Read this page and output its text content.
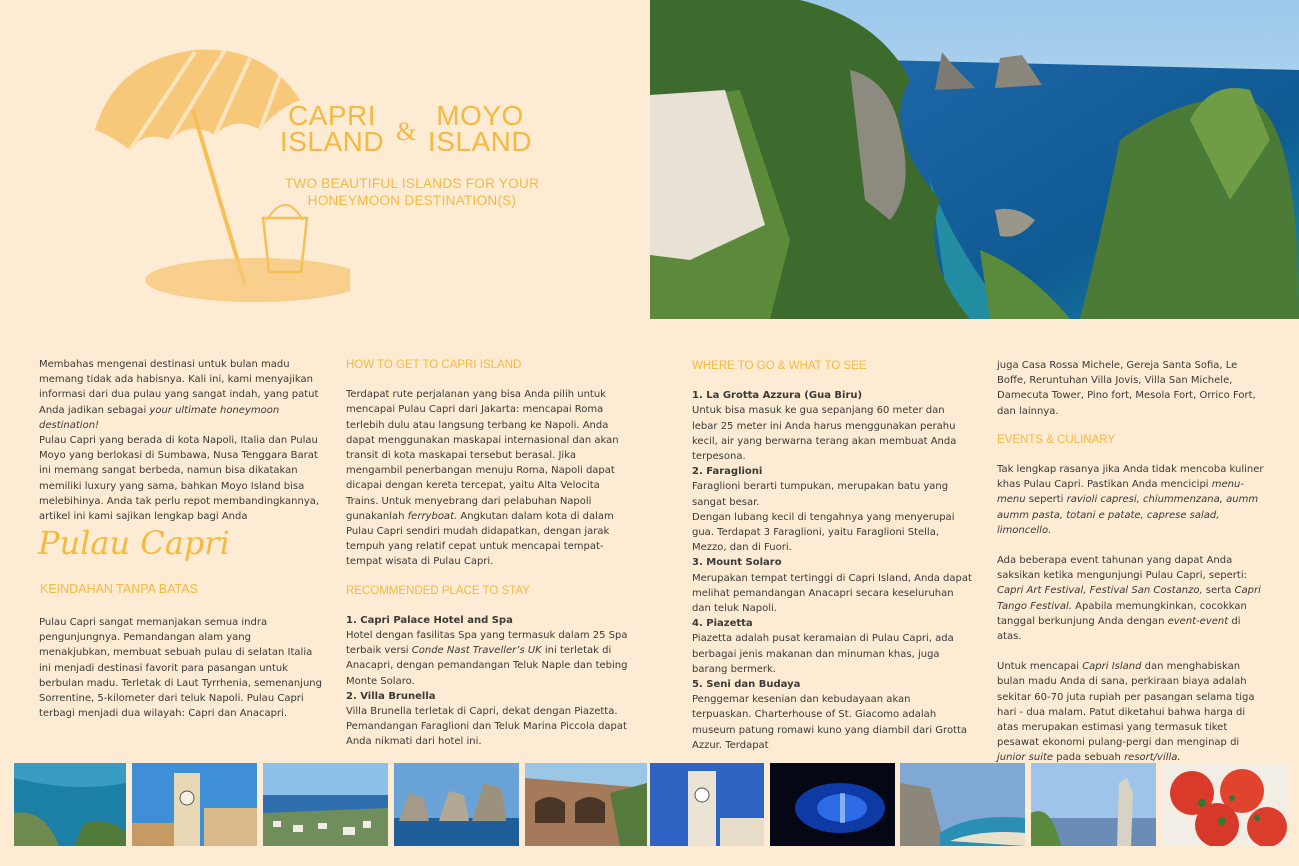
CAPRI
ISLAND &
MOYO
ISLAND
TWO BEAUTIFUL ISLANDS FOR YOUR
HONEYMOON DESTINATION(S)

Membahas mengenai destinasi untuk bulan madu memang tidak ada habisnya. Kali ini, kami menyajikan informasi dari dua pulau yang sangat indah, yang patut Anda jadikan sebagai your ultimate honeymoon destination!

Pulau Capri yang berada di kota Napoli, Italia dan Pulau Moyo yang berlokasi di Sumbawa, Nusa Tenggara Barat ini memang sangat berbeda, namun bisa dikatakan memiliki luxury yang sama, bahkan Moyo Island bisa melebihinya. Anda tak perlu repot membandingkannya, artikel ini kami sajikan lengkap bagi Anda

Pulau Capri
KEINDAHAN TANPA BATAS

Pulau Capri sangat memanjakan semua indra pengunjungnya. Pemandangan alam yang menakjubkan, membuat sebuah pulau di selatan Italia ini menjadi destinasi favorit para pasangan untuk berbulan madu. Terletak di Laut Tyrrhenia, semenanjung Sorrentine, 5-kilometer dari teluk Napoli. Pulau Capri terbagi menjadi dua wilayah: Capri dan Anacapri.

HOW TO GET TO CAPRI ISLAND

Terdapat rute perjalanan yang bisa Anda pilih untuk mencapai Pulau Capri dari Jakarta: mencapai Roma terlebih dulu atau langsung terbang ke Napoli. Anda dapat menggunakan maskapai internasional dan akan transit di kota maskapai tersebut berasal. Jika mengambil penerbangan menuju Roma, Napoli dapat dicapai dengan kereta tercepat, yaitu Alta Velocita Trains. Untuk menyebrang dari pelabuhan Napoli gunakanlah ferryboat. Angkutan dalam kota di dalam Pulau Capri sendiri mudah didapatkan, dengan jarak tempuh yang relatif cepat untuk mencapai tempat-tempat wisata di Pulau Capri.

RECOMMENDED PLACE TO STAY

1. Capri Palace Hotel and Spa

Hotel dengan fasilitas Spa yang termasuk dalam 25 Spa terbaik versi Conde Nast Traveller’s UK ini terletak di Anacapri, dengan pemandangan Teluk Naple dan tebing Monte Solaro.

2. Villa Brunella

Villa Brunella terletak di Capri, dekat dengan Piazetta. Pemandangan Faraglioni dan Teluk Marina Piccola dapat Anda nikmati dari hotel ini.

WHERE TO GO & WHAT TO SEE

1. La Grotta Azzura (Gua Biru)

Untuk bisa masuk ke gua sepanjang 60 meter dan lebar 25 meter ini Anda harus menggunakan perahu kecil, air yang berwarna terang akan membuat Anda terpesona.

2. Faraglioni

Faraglioni berarti tumpukan, merupakan batu yang sangat besar.

Dengan lubang kecil di tengahnya yang menyerupai gua. Terdapat 3 Faraglioni, yaitu Faraglioni Stella, Mezzo, dan di Fuori.

3. Mount Solaro

Merupakan tempat tertinggi di Capri Island, Anda dapat melihat pemandangan Anacapri secara keseluruhan dan teluk Napoli.

4. Piazetta

Piazetta adalah pusat keramaian di Pulau Capri, ada berbagai jenis makanan dan minuman khas, juga barang bermerk.

5. Seni dan Budaya

Penggemar kesenian dan kebudayaan akan terpuaskan. Charterhouse of St. Giacomo adalah museum patung romawi kuno yang diambil dari Grotta Azzur. Terdapat

juga Casa Rossa Michele, Gereja Santa Sofia, Le Boffe, Reruntuhan Villa Jovis, Villa San Michele, Damecuta Tower, Pino fort, Mesola Fort, Orrico Fort, dan lainnya.

EVENTS & CULINARY

Tak lengkap rasanya jika Anda tidak mencoba kuliner khas Pulau Capri. Pastikan Anda mencicipi menu-menu seperti ravioli capresi, chiummenzana, aumm aumm pasta, totani e patate, caprese salad, limoncello.

Ada beberapa event tahunan yang dapat Anda saksikan ketika mengunjungi Pulau Capri, seperti: Capri Art Festival, Festival San Costanzo, serta Capri Tango Festival. Apabila memungkinkan, cocokkan tanggal berkunjung Anda dengan event-event di atas.

Untuk mencapai Capri Island dan menghabiskan bulan madu Anda di sana, perkiraan biaya adalah sekitar 60-70 juta rupiah per pasangan selama tiga hari - dua malam. Patut diketahui bahwa harga di atas merupakan estimasi yang termasuk tiket pesawat ekonomi pulang-pergi dan menginap di junior suite pada sebuah resort/villa.
